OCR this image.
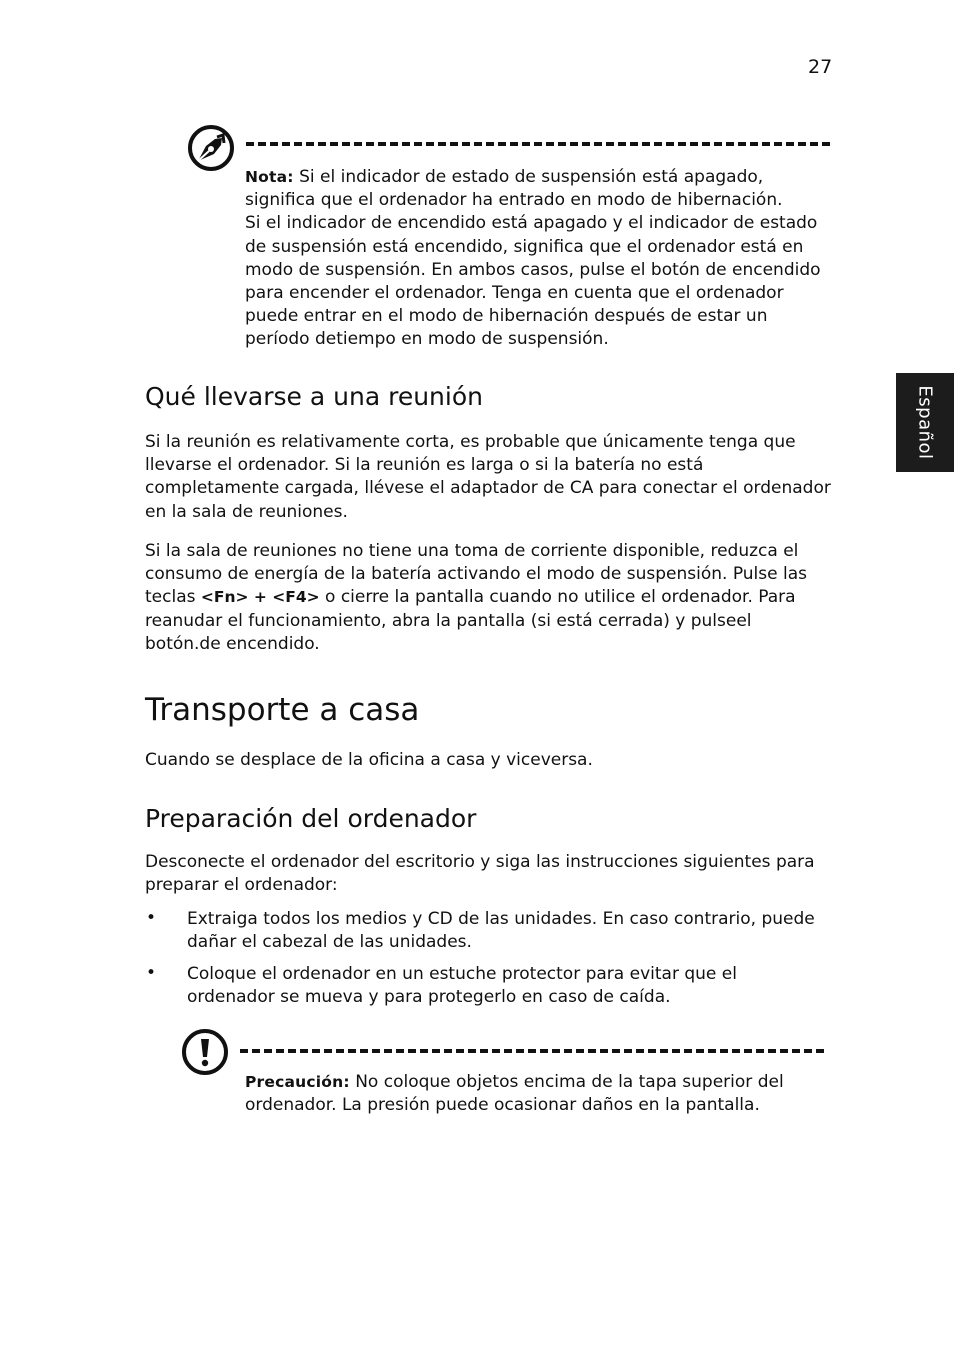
27
Español
Nota: Si el indicador de estado de suspensión está apagado,
significa que el ordenador ha entrado en modo de hibernación.
Si el indicador de encendido está apagado y el indicador de estado
de suspensión está encendido, significa que el ordenador está en
modo de suspensión. En ambos casos, pulse el botón de encendido
para encender el ordenador. Tenga en cuenta que el ordenador
puede entrar en el modo de hibernación después de estar un
período detiempo en modo de suspensión.
Qué llevarse a una reunión
Si la reunión es relativamente corta, es probable que únicamente tenga que
llevarse el ordenador. Si la reunión es larga o si la batería no está
completamente cargada, llévese el adaptador de CA para conectar el ordenador
en la sala de reuniones.
Si la sala de reuniones no tiene una toma de corriente disponible, reduzca el
consumo de energía de la batería activando el modo de suspensión. Pulse las
teclas <Fn> + <F4> o cierre la pantalla cuando no utilice el ordenador. Para
reanudar el funcionamiento, abra la pantalla (si está cerrada) y pulseel
botón.de encendido.
Transporte a casa
Cuando se desplace de la oficina a casa y viceversa.
Preparación del ordenador
Desconecte el ordenador del escritorio y siga las instrucciones siguientes para
preparar el ordenador:
• Extraiga todos los medios y CD de las unidades. En caso contrario, puede
dañar el cabezal de las unidades.
• Coloque el ordenador en un estuche protector para evitar que el
ordenador se mueva y para protegerlo en caso de caída.
Precaución: No coloque objetos encima de la tapa superior del
ordenador. La presión puede ocasionar daños en la pantalla.
